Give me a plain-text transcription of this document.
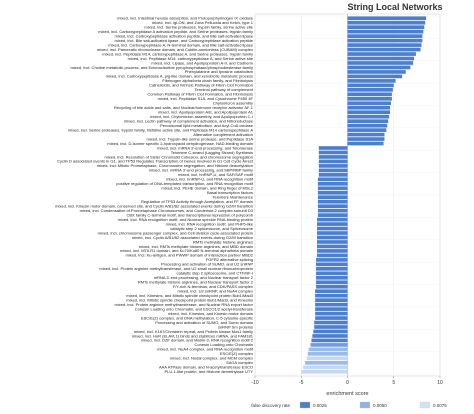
String Local Networks
mixed, incl. Intestinal hexose absorption, and Protoporphyrinogen IX oxidase
mixed, incl. IgLON, and Zona Pellucida and Kelch, type 1
mixed, incl. Serine proteases, trypsin family, serine active site
mixed, incl. Carboxypeptidase A activation peptide, and Serine proteases, trypsin family
mixed, incl. Carboxypeptidase activation peptide, and Bile salt-activated lipase
mixed, incl. Bile salt-activated lipase, and Carboxypeptidase activation peptide
mixed, incl. Carboxypeptidase A, N-terminal domain, and Bile salt-activated lipase
mixed, incl. Pancreatic ribonuclease domain, and Cubilin-amnionless (CUBAM) complex
mixed, incl. Peptidase M14, carboxypeptidase A, and Serine proteases, trypsin family
mixed, incl. Peptidase M14, carboxypeptidase A, and Serine active site
mixed, incl. Lipase, and Apolipoprotein A-II, and Cadherin
mixed, incl. Choline metabolic process, and Ectonucleotide pyrophosphatase/phosphodiesterase family
Phenylalanine and tyrosine catabolism
mixed, incl. Carboxypeptidase A, pig-like domain, and xenobiotic metabolic process
Fibrinogen alpha/beta chain family, and Fibrinolysis
Cathelicidin, and Intrinsic Pathway of Fibrin Clot Formation
Terminal pathway of complement
Common Pathway of Fibrin Clot Formation, and Fibrinolysis
mixed, incl. Peptidase S1A, and Cytochrome P450 4F
Chylomicron assembly
Recycling of bile acids and salts, and Nuclear/hormone receptor activator AF-1
mixed, incl. Apolipoprotein A/E, and Apolipoprotein A1
mixed, incl. Chylomicron assembly, and Apolipoprotein C-I
mixed, incl. Lectin pathway of complement activation, and Nitroreductase
Peroxisomal lipid metabolism, and Acyl-CoA oxidase
mixed, incl. Serine proteases, trypsin family, histidine active site, and Peptidase M14 carboxypeptidase A
Alternative complement activation
mixed, incl. Trypsin-like serine protease, and Peptidase S1A
mixed, incl. D-isomer specific 2-hydroxyacid dehydrogenase, NAD-binding domain
mixed, incl. mRNA 3'-end processing, and Telomerase
Telomere C-strand (Lagging Strand) Synthesis
mixed, incl. Resolution of Sister Chromatid Cohesion, and chromosome segregation
Cyclin D associated events in G1, and TP53 Regulates Transcription of Genes Involved in G1 Cell Cycle Arrest
mixed, incl. Mitotic Prometaphase, Chromosome segregation, and Histone deacetylation
mixed, incl. mRNA 3'-end processing, and SBP/RBP family
mixed, incl. hnRNP-U, and SAF/SAP motif
mixed, incl. hnRNP-U, and RNA recognition motif
positive regulation of DNA-templated transcription, and RNA recognition motif
mixed, incl. PEHE domain, and Ring finger of MSL2
Basal transcription factors
Telomere Maintenance
Regulation of TP53 Activity through Acetylation, and FF domain
mixed, incl. Kinesin motor domain, conserved site, and Cyclin A/B1/B2 associated events during G2/M transition
mixed, incl. Condensation of Prometaphase Chromosomes, and Condensin-2 complex subunit D3
CBX family C-terminal motif, and transcriptional repression of polycomb
mixed, incl. RNA recognition motif, and Nuclear speckle RNA-binding protein
mixed, incl. RNA recognition motif, and PHF5-like
catalytic step 2 spliceosome, and Spliceosome
mixed, incl. chromosome passenger complex, and Cell division cycle-associated protein
mixed, incl. Cyclin A/B1/B2 associated events during G2/M transition
RMTs methylate histone arginines
mixed, incl. RMTs methylate histone arginines, and MBD domain
mixed, incl. MTA R1 domain, and Ku70/Ku80 N-terminal alpha/beta domain
mixed, incl. Ku-antigen, and PWWP domain of interaction partner MBD2
FGFR2 alternative splicing
Processing and activation of SUMO, and U2 snRNP
mixed, incl. Protein arginine methyltransferase, and U2 small nuclear ribonucleoprotein
catalytic step 2 spliceosome, and CTF/NF-I
mRNA 3'-end processing, and Nuclear transport factor 2
RMTs methylate histone arginines, and Nuclear transport factor 2
F/Y-rich N-terminus, and CDK/PASS complex
mixed, incl. U2 snRNP, and NuA4 complex
mixed, incl. Kinesins, and Mitotic spindle checkpoint protein Bub1/Mad3
mixed, incl. Mitotic spindle checkpoint protein Bub1/Mad3, and Kinesins
mixed, incl. Protein arginine methyltransferase, and Nuclear RNA export factor
Cohesin Loading onto Chromatin, and ESCO1/2 acetyl-transferase
mixed, incl. Kinesins, and Kinesin motor domain
ESC/E(Z) complex, and DNA methylation, C-5 cytosine-specific
Processing and activation of SUMO, and Sumo domain
snRNP Sm proteins
mixed, incl. K167/Chmadrin repeat, and Protein kinase Mos1 family
mixed, incl. HuR (ELAVL1) binds and stabilizes mRNA, and FAM181
mixed, incl. DZF domain, and Matrin-3, RNA recognition motif 2
Cohesin Loading onto Chromatin
mixed, incl. NuA4 complex, and RNA recognition motif
ESC/E(Z) complex
mixed, incl. Nodal complex, and MCM complex
SAGA complex
AAA ATPase domain, and N-acetyltransferase ESCO
PLU-1-like protein, and Histone demethylase UTY
-10	-5	0	5	10
enrichment score
false discovery rate	0.0025	0.0050	0.0075
